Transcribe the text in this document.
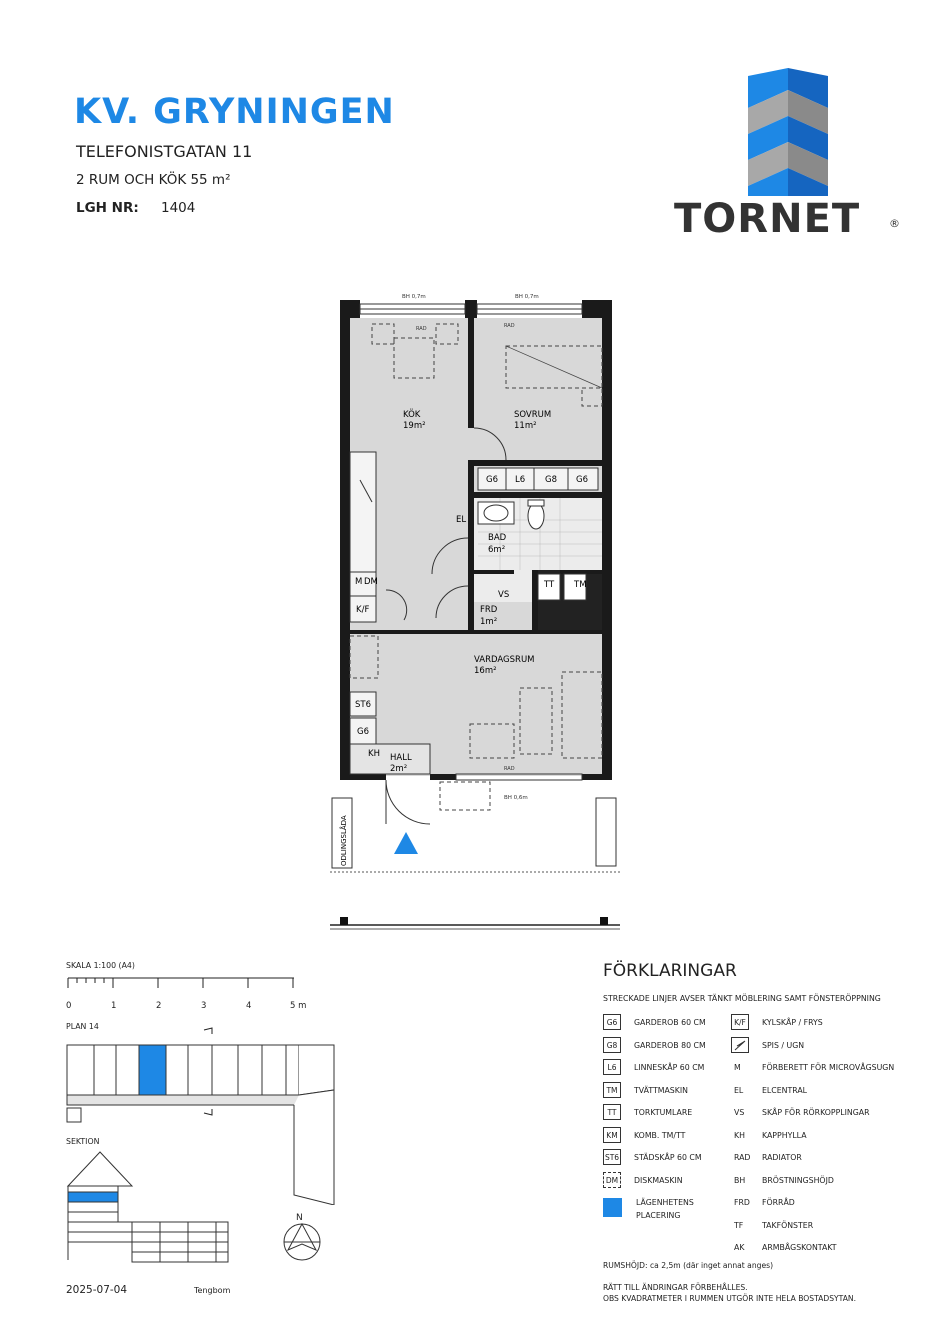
KV. GRYNINGEN
TELEFONISTGATAN 11
2 RUM OCH KÖK 55 m²
LGH NR: 1404	TORNET	®
BH 0,7m	BH 0,7m
BH 0,6m
RAD	RAD
RAD
M DM
K/F
ST6
G6
KH
G6 L6 G8 G6
EL
VS
TT TM
KÖK
19m²
SOVRUM
11m²
BAD
6m²
FRD
1m²
VARDAGSRUM
16m²
HALL
2m²
ODLINGSLÅDA
SKALA 1:100 (A4)
0	1	2	3	4	5 m
PLAN 14
SEKTION
N
2025-07-04	Tengbom
FÖRKLARINGAR
STRECKADE LINJER AVSER TÄNKT MÖBLERING SAMT FÖNSTERÖPPNING
G6	GARDEROB 60 CM
G8	GARDEROB 80 CM
L6	LINNESKÅP 60 CM
TM	TVÄTTMASKIN
TT	TORKTUMLARE
KM	KOMB. TM/TT
ST6 STÄDSKÅP 60 CM
DM	DISKMASKIN
K/F	KYLSKÅP / FRYS
SPIS / UGN
M	FÖRBERETT FÖR MICROVÅGSUGN
EL ELCENTRAL
VS SKÅP FÖR RÖRKOPPLINGAR
KH KAPPHYLLA
RAD RADIATOR
BH BRÖSTNINGSHÖJD
FRD FÖRRÅD
TF TAKFÖNSTER
AK ARMBÅGSKONTAKT
LÄGENHETENS
PLACERING
RUMSHÖJD: ca 2,5m (där inget annat anges)
RÄTT TILL ÄNDRINGAR FÖRBEHÅLLES.
OBS KVADRATMETER I RUMMEN UTGÖR INTE HELA BOSTADSYTAN.
